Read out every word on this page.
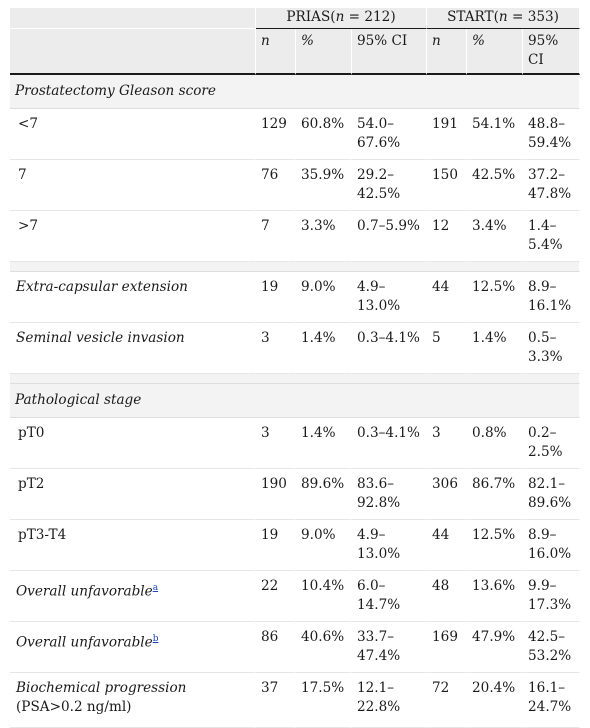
	PRIAS(n = 212)			START(n = 353)		
	n	%	95% CI	n	%	95% CI
Prostatectomy Gleason score						
<7	129	60.8%	54.0–67.6%	191	54.1%	48.8–59.4%
7	76	35.9%	29.2–42.5%	150	42.5%	37.2–47.8%
>7	7	3.3%	0.7–5.9%	12	3.4%	1.4–5.4%

Extra-capsular extension	19	9.0%	4.9–13.0%	44	12.5%	8.9–16.1%
Seminal vesicle invasion	3	1.4%	0.3–4.1%	5	1.4%	0.5–3.3%

Pathological stage						
pT0	3	1.4%	0.3–4.1%	3	0.8%	0.2–2.5%
pT2	190	89.6%	83.6–92.8%	306	86.7%	82.1–89.6%
pT3-T4	19	9.0%	4.9–13.0%	44	12.5%	8.9–16.0%
Overall unfavorable$^a$	22	10.4%	6.0–14.7%	48	13.6%	9.9–17.3%
Overall unfavorable$^b$	86	40.6%	33.7–47.4%	169	47.9%	42.5–53.2%
Biochemical progression (PSA>0.2 ng/ml)	37	17.5%	12.1–22.8%	72	20.4%	16.1–24.7%
